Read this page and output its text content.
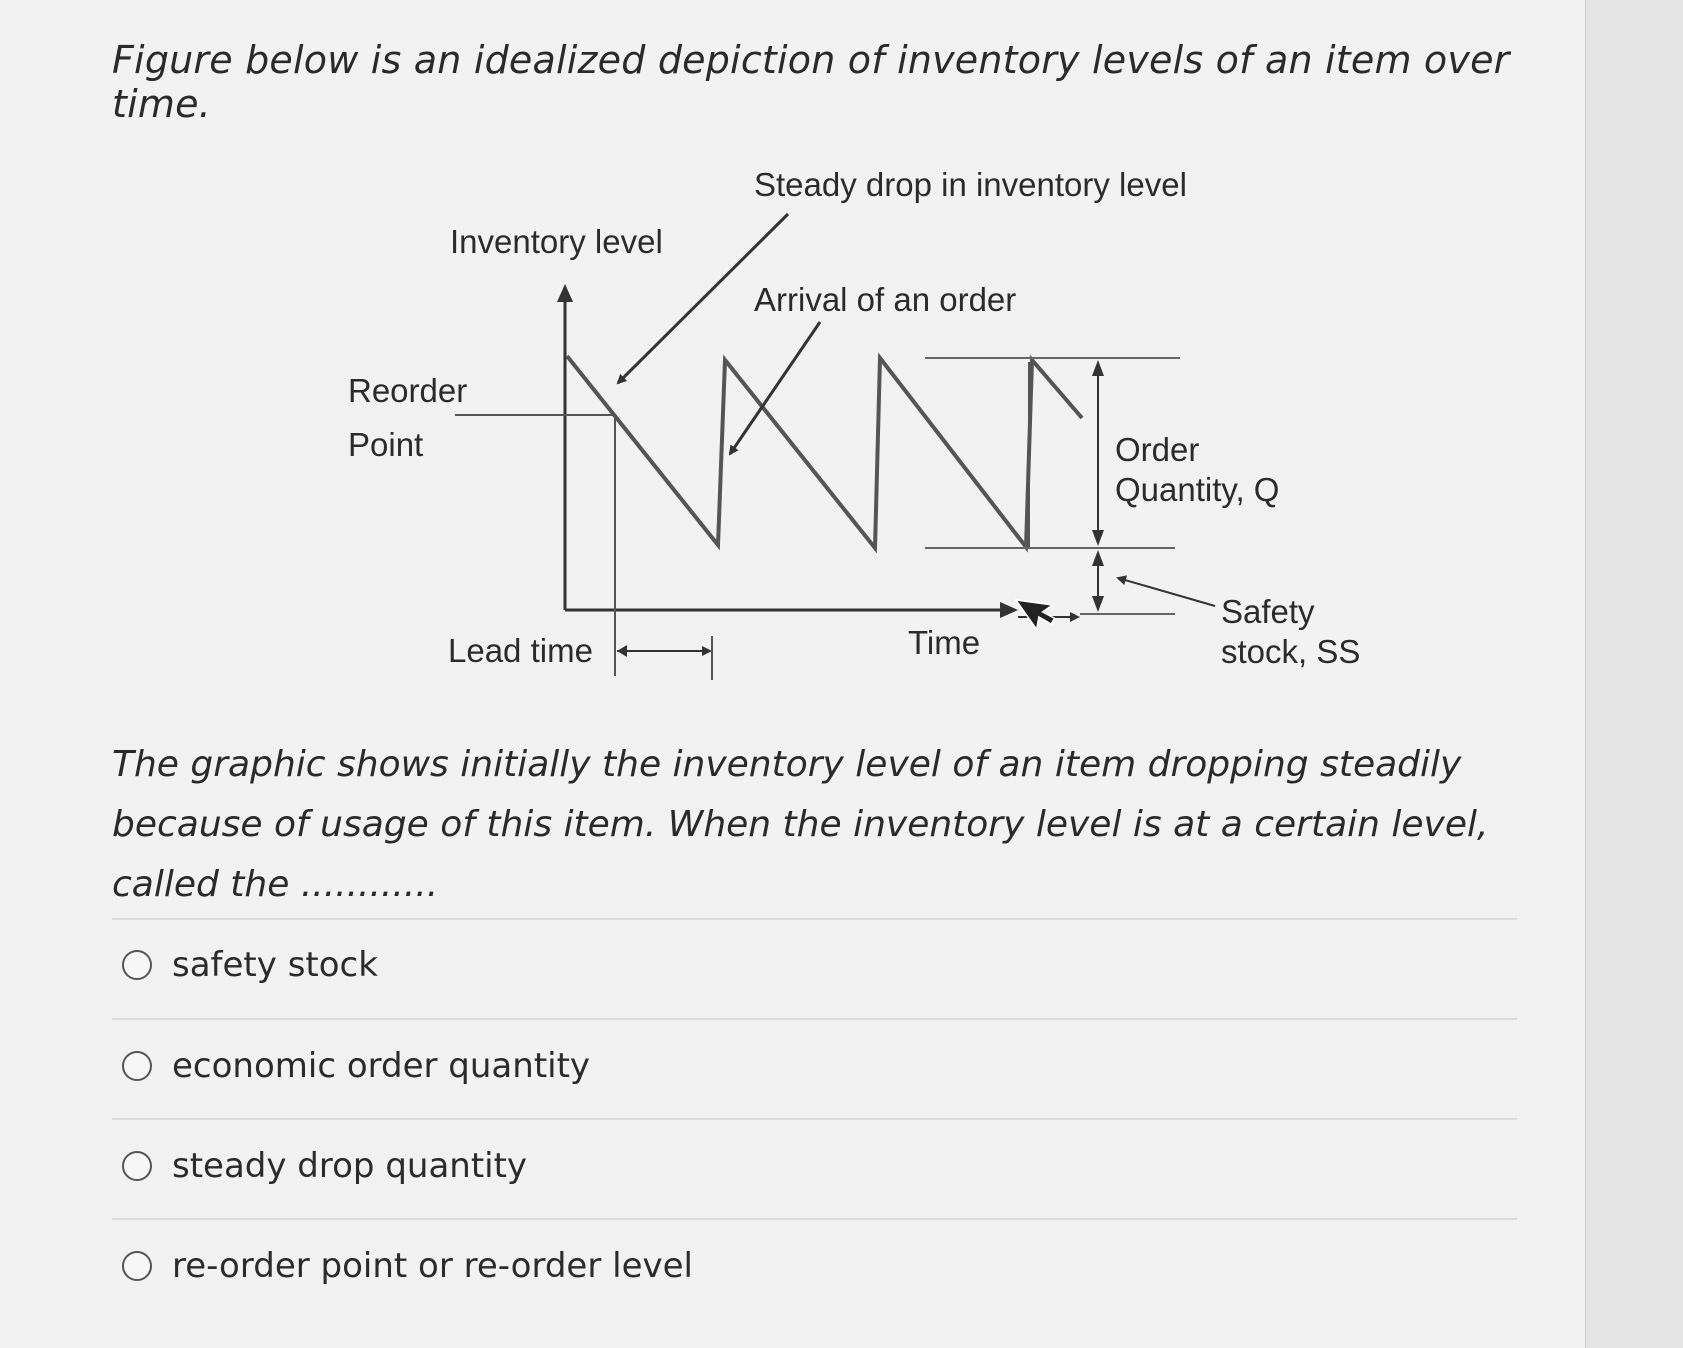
Figure below is an idealized depiction of inventory levels of an item over time.

Steady drop in inventory level
Inventory level
Arrival of an order
Reorder
Point	Order
Quantity, Q
Safety
stock, SS
Lead time	Time

The graphic shows initially the inventory level of an item dropping steadily because of usage of this item. When the inventory level is at a certain level, called the ............

safety stock
economic order quantity
steady drop quantity
re-order point or re-order level
